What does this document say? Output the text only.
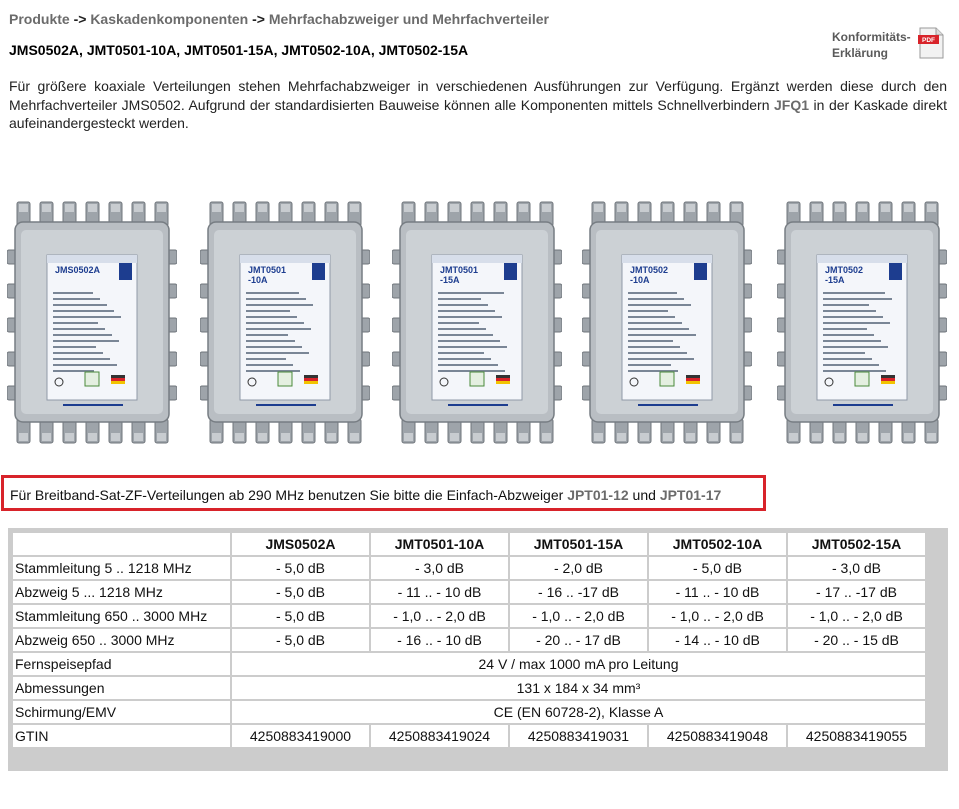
Produkte -> Kaskadenkomponenten -> Mehrfachabzweiger und Mehrfachverteiler
JMS0502A, JMT0501-10A, JMT0501-15A, JMT0502-10A, JMT0502-15A
Konformitäts-
Erklärung
PDF
Für größere koaxiale Verteilungen stehen Mehrfachabzweiger in verschiedenen Ausführungen zur Verfügung. Ergänzt werden diese durch den Mehrfachverteiler JMS0502. Aufgrund der standardisierten Bauweise können alle Komponenten mittels Schnellverbindern JFQ1 in der Kaskade direkt aufeinandergesteckt werden.
JMS0502A	JMT0501
-10A
JMT0501
-15A
JMT0502
-10A
JMT0502
-15A
Für Breitband-Sat-ZF-Verteilungen ab 290 MHz benutzen Sie bitte die Einfach-Abzweiger JPT01-12 und JPT01-17
	JMS0502A	JMT0501-10A	JMT0501-15A	JMT0502-10A	JMT0502-15A
Stammleitung 5 .. 1218 MHz	- 5,0 dB	- 3,0 dB	- 2,0 dB	- 5,0 dB	- 3,0 dB
Abzweig 5 ... 1218 MHz	- 5,0 dB	- 11 .. - 10 dB	- 16 .. -17 dB	- 11 .. - 10 dB	- 17 .. -17 dB
Stammleitung 650 .. 3000 MHz	- 5,0 dB	- 1,0 .. - 2,0 dB	- 1,0 .. - 2,0 dB	- 1,0 .. - 2,0 dB	- 1,0 .. - 2,0 dB
Abzweig 650 .. 3000 MHz	- 5,0 dB	- 16 .. - 10 dB	- 20 .. - 17 dB	- 14 .. - 10 dB	- 20 .. - 15 dB
Fernspeisepfad	24 V / max 1000 mA pro Leitung				
Abmessungen	131 x 184 x 34 mm³				
Schirmung/EMV	CE (EN 60728-2), Klasse A				
GTIN	4250883419000	4250883419024	4250883419031	4250883419048	4250883419055
